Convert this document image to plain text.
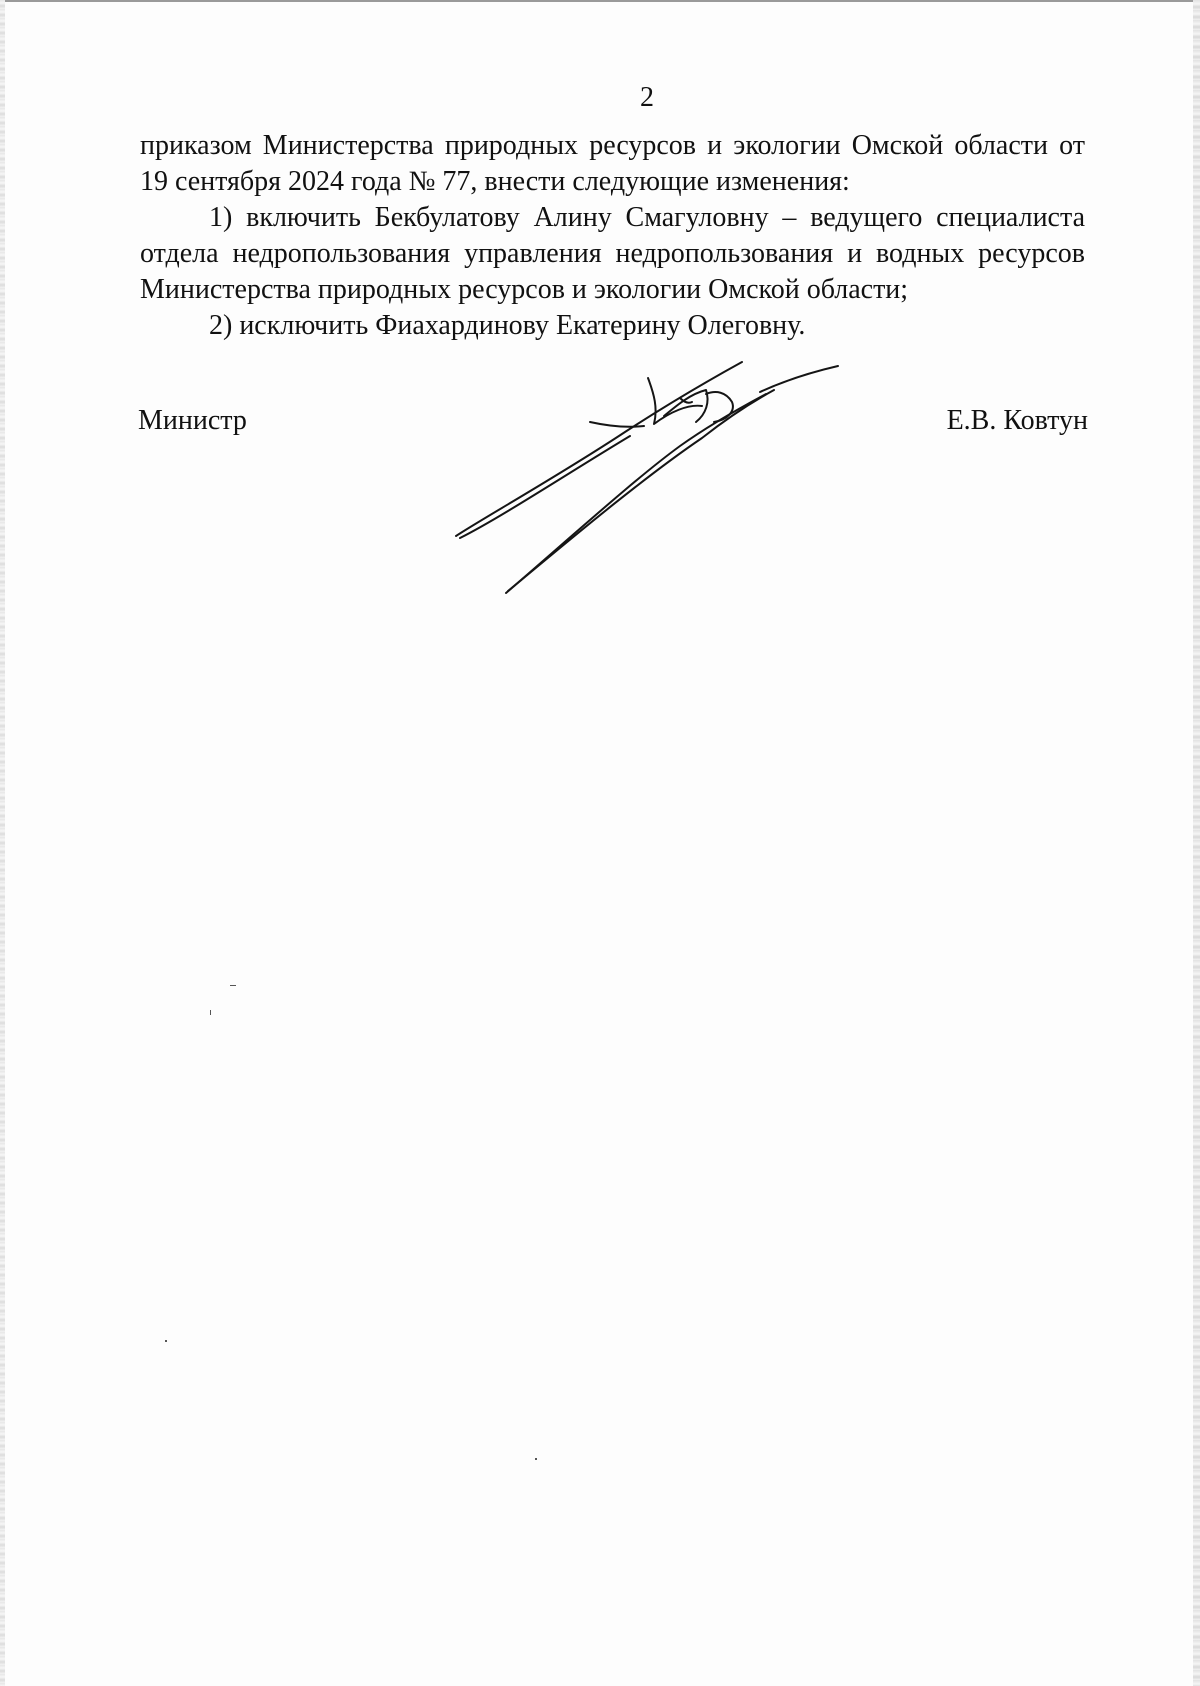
2

приказом Министерства природных ресурсов и экологии Омской области от 19 сентября 2024 года № 77, внести следующие изменения:

1) включить Бекбулатову Алину Смагуловну – ведущего специалиста отдела недропользования управления недропользования и водных ресурсов Министерства природных ресурсов и экологии Омской области;

2) исключить Фиахардинову Екатерину Олеговну.

Министр	Е.В. Ковтун
